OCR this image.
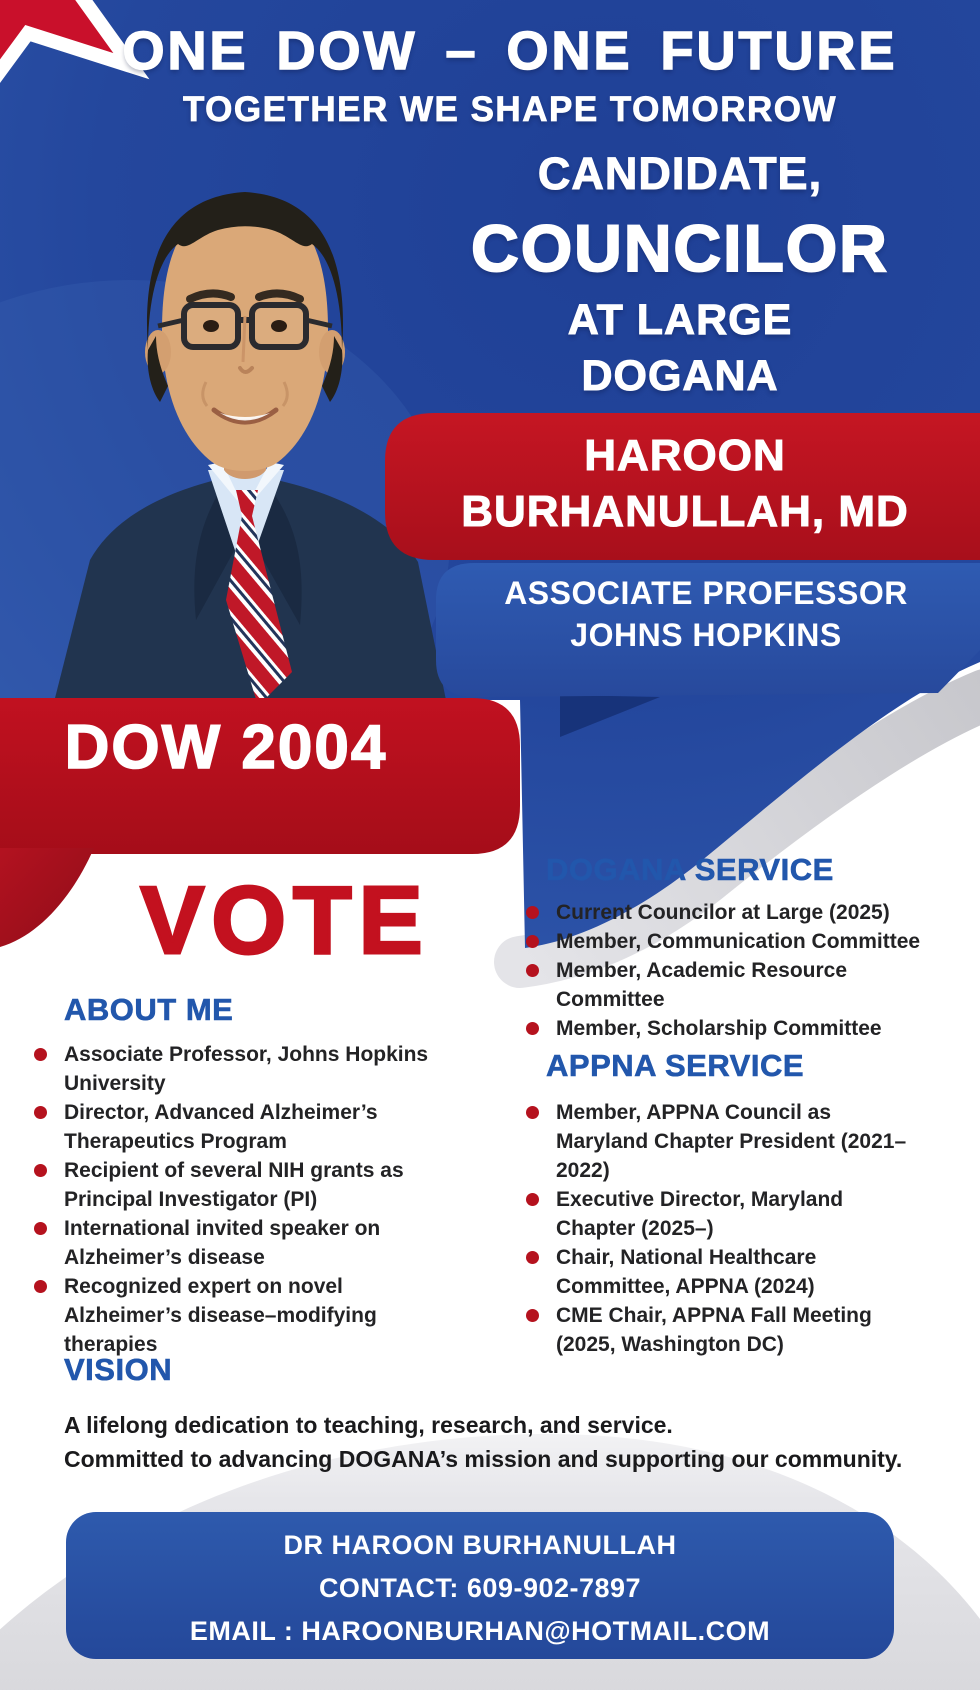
ONE DOW – ONE FUTURE
TOGETHER WE SHAPE TOMORROW
CANDIDATE,
COUNCILOR
AT LARGE
DOGANA
HAROON
BURHANULLAH, MD
ASSOCIATE PROFESSOR
JOHNS HOPKINS
DOW 2004
VOTE
ABOUT ME
Associate Professor, Johns Hopkins University
Director, Advanced Alzheimer’s Therapeutics Program
Recipient of several NIH grants as Principal Investigator (PI)
International invited speaker on Alzheimer’s disease
Recognized expert on novel Alzheimer’s disease–modifying therapies
DOGANA SERVICE
Current Councilor at Large (2025)
Member, Communication Committee
Member, Academic Resource Committee
Member, Scholarship Committee
APPNA SERVICE
Member, APPNA Council as Maryland Chapter President (2021–2022)
Executive Director, Maryland Chapter (2025–)
Chair, National Healthcare Committee, APPNA (2024)
CME Chair, APPNA Fall Meeting (2025, Washington DC)
VISION
A lifelong dedication to teaching, research, and service.
Committed to advancing DOGANA’s mission and supporting our community.
DR HAROON BURHANULLAH
CONTACT: 609-902-7897
EMAIL : HAROONBURHAN@HOTMAIL.COM
